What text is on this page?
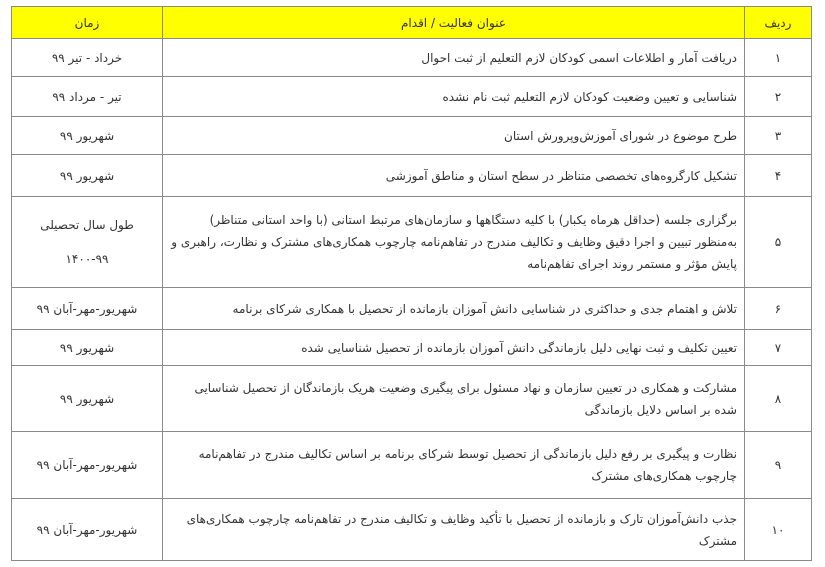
ردیف	عنوان فعالیت / اقدام	زمان
۱	دریافت آمار و اطلاعات اسمی کودکان لازم التعلیم از ثبت احوال	خرداد - تیر ۹۹

۲	شناسایی و تعیین وضعیت کودکان لازم التعلیم ثبت نام نشده	تیر - مرداد ۹۹

۳	طرح موضوع در شورای آموزش‌وپرورش استان	شهریور ۹۹

۴	تشکیل کارگروه‌های تخصصی متناظر در سطح استان و مناطق آموزشی	شهریور ۹۹

۵	برگزاری جلسه (حداقل هرماه یکبار) با کلیه دستگاهها و سازمان‌های مرتبط استانی (با واحد استانی متناظر) به‌منظور تبیین و اجرا دقیق وظایف و تکالیف مندرج در تفاهم‌نامه چارچوب همکاری‌های مشترک و نظارت، راهبری و پایش مؤثر و مستمر روند اجرای تفاهم‌نامه	طول سال تحصیلی
۱۴۰۰-۹۹

۶	تلاش و اهتمام جدی و حداکثری در شناسایی دانش آموزان بازمانده از تحصیل با همکاری شرکای برنامه	شهریور-مهر-آبان ۹۹

۷	تعیین تکلیف و ثبت نهایی دلیل بازماندگی دانش آموزان بازمانده از تحصیل شناسایی شده	شهریور ۹۹

۸	مشارکت و همکاری در تعیین سازمان و نهاد مسئول برای پیگیری وضعیت هریک بازماندگان از تحصیل شناسایی شده بر اساس دلایل بازماندگی	شهریور ۹۹

۹	نظارت و پیگیری بر رفع دلیل بازماندگی از تحصیل توسط شرکای برنامه بر اساس تکالیف مندرج در تفاهم‌نامه چارچوب همکاری‌های مشترک	شهریور-مهر-آبان ۹۹

۱۰	جذب دانش‌آموزان تارک و بازمانده از تحصیل با تأکید وظایف و تکالیف مندرج در تفاهم‌نامه چارچوب همکاری‌های مشترک	شهریور-مهر-آبان ۹۹
